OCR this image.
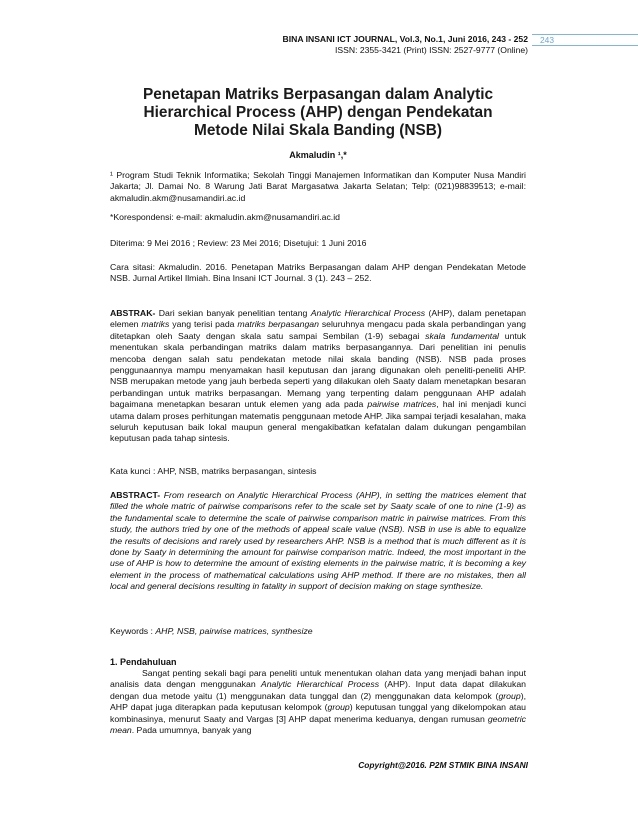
BINA INSANI ICT JOURNAL, Vol.3, No.1, Juni 2016, 243 - 252
ISSN: 2355-3421 (Print) ISSN: 2527-9777 (Online)
243
Penetapan Matriks Berpasangan dalam Analytic
Hierarchical Process (AHP) dengan Pendekatan
Metode Nilai Skala Banding (NSB)
Akmaludin ¹,*
¹ Program Studi Teknik Informatika; Sekolah Tinggi Manajemen Informatikan dan Komputer Nusa Mandiri Jakarta; Jl. Damai No. 8 Warung Jati Barat Margasatwa Jakarta Selatan; Telp: (021)98839513; e-mail: akmaludin.akm@nusamandiri.ac.id
*Korespondensi: e-mail: akmaludin.akm@nusamandiri.ac.id
Diterima: 9 Mei 2016 ; Review: 23 Mei 2016; Disetujui: 1 Juni 2016
Cara sitasi: Akmaludin. 2016. Penetapan Matriks Berpasangan dalam AHP dengan Pendekatan Metode NSB. Jurnal Artikel Ilmiah. Bina Insani ICT Journal. 3 (1). 243 – 252.
ABSTRAK- Dari sekian banyak penelitian tentang Analytic Hierarchical Process (AHP), dalam penetapan elemen matriks yang terisi pada matriks berpasangan seluruhnya mengacu pada skala perbandingan yang ditetapkan oleh Saaty dengan skala satu sampai Sembilan (1-9) sebagai skala fundamental untuk menentukan skala perbandingan matriks dalam matriks berpasangannya. Dari penelitian ini penulis mencoba dengan salah satu pendekatan metode nilai skala banding (NSB). NSB pada proses penggunaannya mampu menyamakan hasil keputusan dan jarang digunakan oleh peneliti-peneliti AHP. NSB merupakan metode yang jauh berbeda seperti yang dilakukan oleh Saaty dalam menetapkan besaran perbandingan untuk matriks berpasangan. Memang yang terpenting dalam penggunaan AHP adalah bagaimana menetapkan besaran untuk elemen yang ada pada pairwise matrices, hal ini menjadi kunci utama dalam proses perhitungan matematis penggunaan metode AHP. Jika sampai terjadi kesalahan, maka seluruh keputusan baik lokal maupun general mengakibatkan kefatalan dalam dukungan pengambilan keputusan pada tahap sintesis.
Kata kunci : AHP, NSB, matriks berpasangan, sintesis
ABSTRACT- From research on Analytic Hierarchical Process (AHP), in setting the matrices element that filled the whole matric of pairwise comparisons refer to the scale set by Saaty scale of one to nine (1-9) as the fundamental scale to determine the scale of pairwise comparison matric in pairwise matrices. From this study, the authors tried by one of the methods of appeal scale value (NSB). NSB in use is able to equalize the results of decisions and rarely used by researchers AHP. NSB is a method that is much different as it is done by Saaty in determining the amount for pairwise comparison matric. Indeed, the most important in the use of AHP is how to determine the amount of existing elements in the pairwise matric, it is becoming a key element in the process of mathematical calculations using AHP method. If there are no mistakes, then all local and general decisions resulting in fatality in support of decision making on stage synthesize.
Keywords : AHP, NSB, pairwise matrices, synthesize
1. Pendahuluan
Sangat penting sekali bagi para peneliti untuk menentukan olahan data yang menjadi bahan input analisis data dengan menggunakan Analytic Hierarchical Process (AHP). Input data dapat dilakukan dengan dua metode yaitu (1) menggunakan data tunggal dan (2) menggunakan data kelompok (group), AHP dapat juga diterapkan pada keputusan kelompok (group) keputusan tunggal yang dikelompokan atau kombinasinya, menurut Saaty and Vargas [3] AHP dapat menerima keduanya, dengan rumusan geometric mean. Pada umumnya, banyak yang
Copyright@2016. P2M STMIK BINA INSANI
